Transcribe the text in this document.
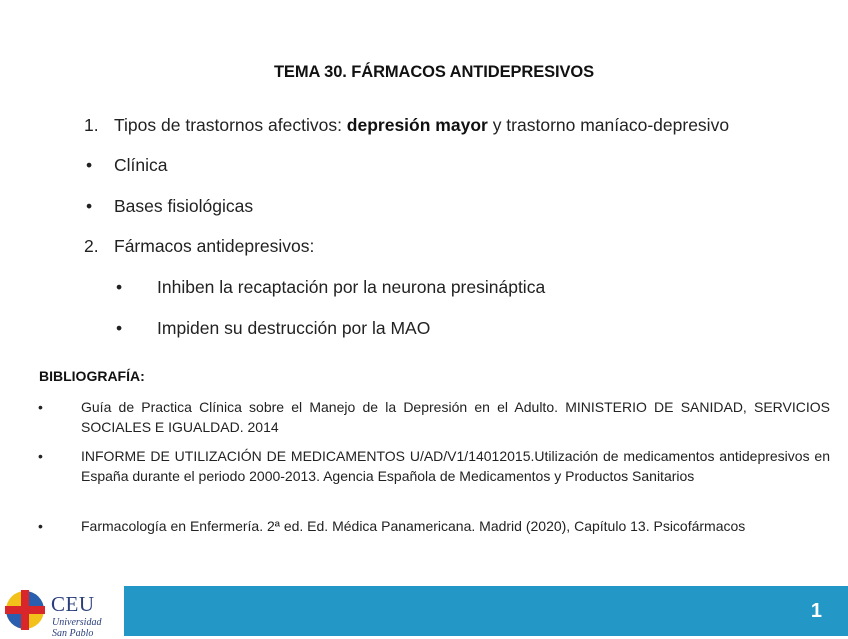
TEMA 30. FÁRMACOS ANTIDEPRESIVOS
1. Tipos de trastornos afectivos: depresión mayor y trastorno maníaco-depresivo
• Clínica
• Bases fisiológicas
2. Fármacos antidepresivos:
• Inhiben la recaptación por la neurona presináptica
• Impiden su destrucción por la MAO
BIBLIOGRAFÍA:
•	Guía de Practica Clínica sobre el Manejo de la Depresión en el Adulto. MINISTERIO DE SANIDAD, SERVICIOS SOCIALES E IGUALDAD. 2014
•	INFORME DE UTILIZACIÓN DE MEDICAMENTOS U/AD/V1/14012015.Utilización de medicamentos antidepresivos en España durante el periodo 2000-2013. Agencia Española de Medicamentos y Productos Sanitarios
•	Farmacología en Enfermería. 2ª ed. Ed. Médica Panamericana. Madrid (2020), Capítulo 13. Psicofármacos
CEU
Universidad
San Pablo
1
